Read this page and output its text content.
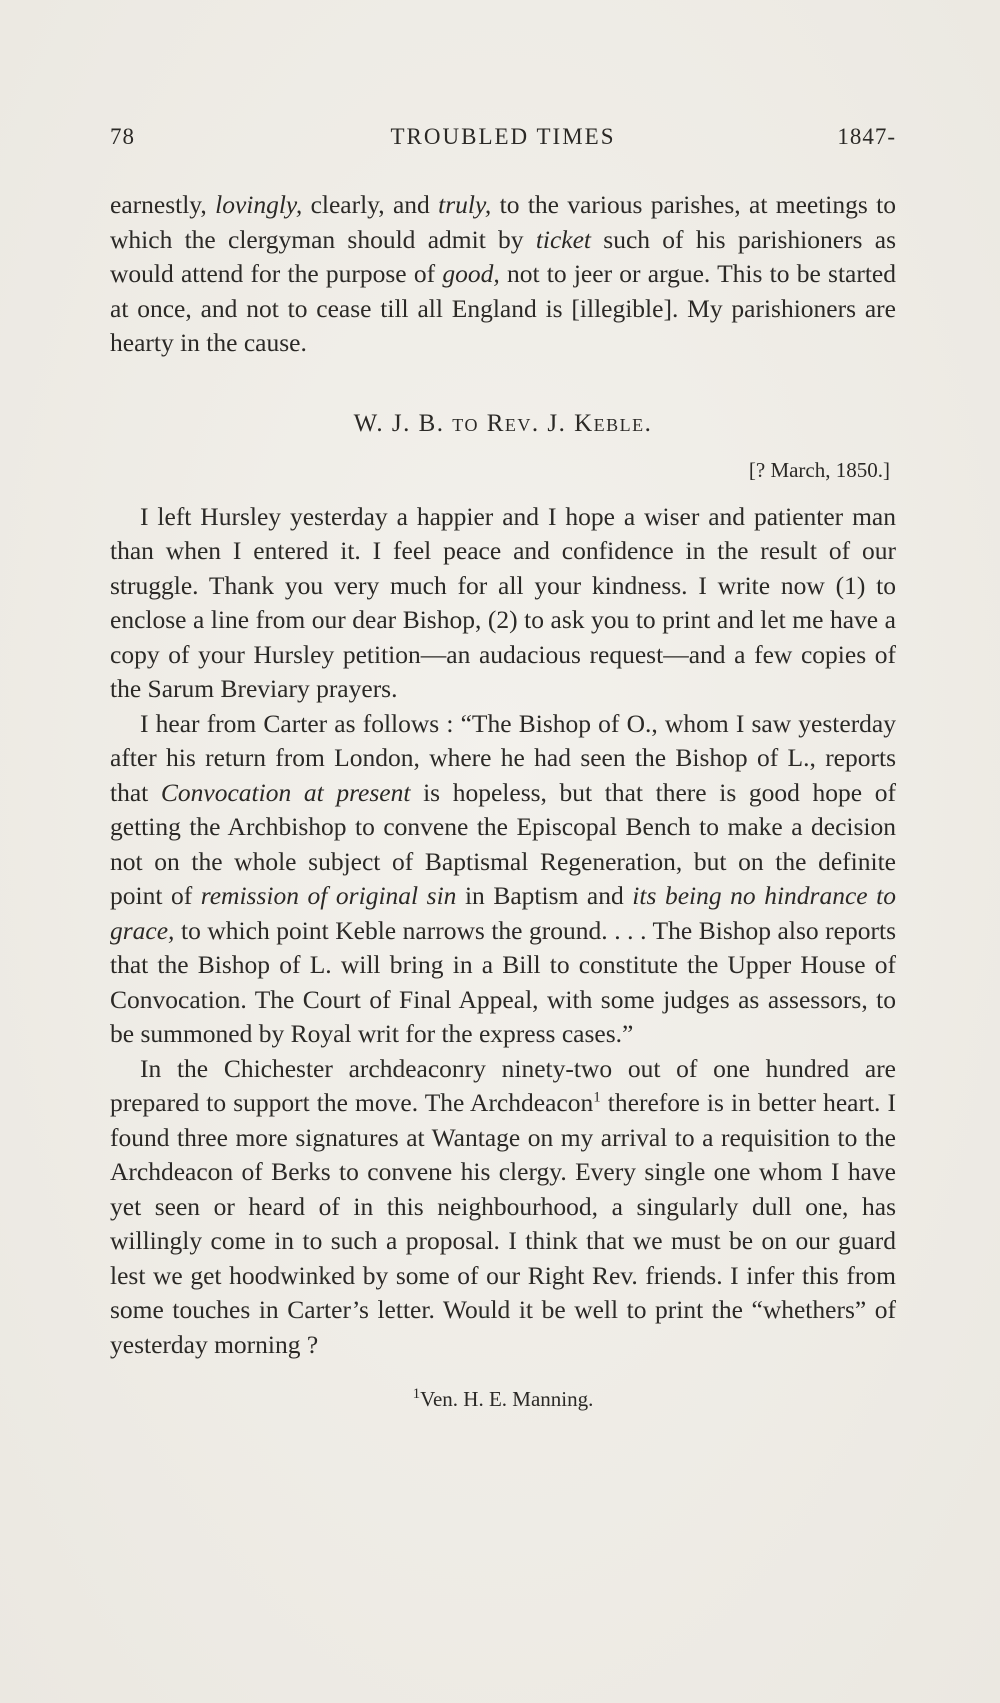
78	TROUBLED TIMES	1847-

earnestly, lovingly, clearly, and truly, to the various parishes, at meetings to which the clergyman should admit by ticket such of his parishioners as would attend for the purpose of good, not to jeer or argue. This to be started at once, and not to cease till all England is [illegible]. My parishioners are hearty in the cause.

W. J. B. to Rev. J. Keble.

[? March, 1850.]

I left Hursley yesterday a happier and I hope a wiser and patienter man than when I entered it. I feel peace and confidence in the result of our struggle. Thank you very much for all your kindness. I write now (1) to enclose a line from our dear Bishop, (2) to ask you to print and let me have a copy of your Hursley petition—an audacious request—and a few copies of the Sarum Breviary prayers.

I hear from Carter as follows : “The Bishop of O., whom I saw yesterday after his return from London, where he had seen the Bishop of L., reports that Convocation at present is hopeless, but that there is good hope of getting the Archbishop to convene the Episcopal Bench to make a decision not on the whole subject of Baptismal Regeneration, but on the definite point of remission of original sin in Baptism and its being no hindrance to grace, to which point Keble narrows the ground. . . . The Bishop also reports that the Bishop of L. will bring in a Bill to constitute the Upper House of Convocation. The Court of Final Appeal, with some judges as assessors, to be summoned by Royal writ for the express cases.”

In the Chichester archdeaconry ninety-two out of one hundred are prepared to support the move. The Archdeacon$^1$ therefore is in better heart. I found three more signatures at Wantage on my arrival to a requisition to the Archdeacon of Berks to convene his clergy. Every single one whom I have yet seen or heard of in this neighbourhood, a singularly dull one, has willingly come in to such a proposal. I think that we must be on our guard lest we get hoodwinked by some of our Right Rev. friends. I infer this from some touches in Carter’s letter. Would it be well to print the “whethers” of yesterday morning ?

$^1$Ven. H. E. Manning.
